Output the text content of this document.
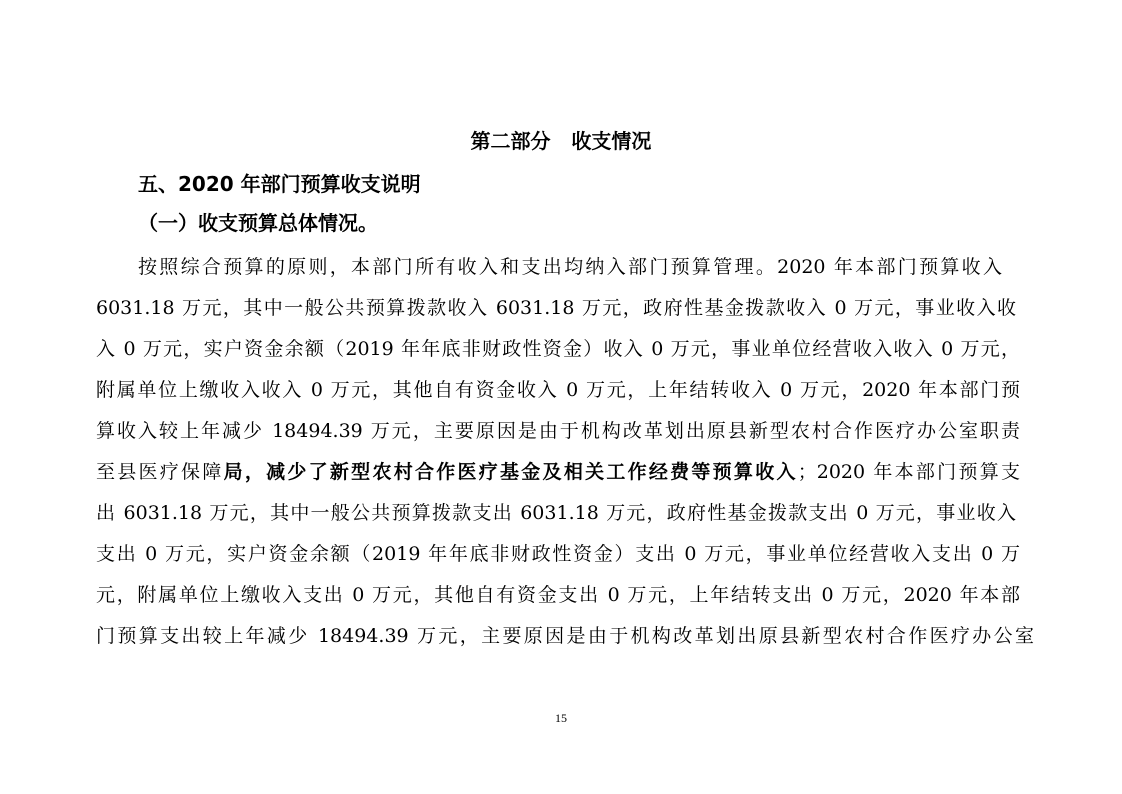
第二部分   收支情况
五、2020 年部门预算收支说明
（一）收支预算总体情况。
按照综合预算的原则，本部门所有收入和支出均纳入部门预算管理。2020 年本部门预算收入
6031.18 万元，其中一般公共预算拨款收入 6031.18 万元，政府性基金拨款收入 0 万元，事业收入收
入 0 万元，实户资金余额（2019 年年底非财政性资金）收入 0 万元，事业单位经营收入收入 0 万元，
附属单位上缴收入收入 0 万元，其他自有资金收入 0 万元，上年结转收入 0 万元，2020 年本部门预
算收入较上年减少 18494.39 万元，主要原因是由于机构改革划出原县新型农村合作医疗办公室职责
至县医疗保障局，减少了新型农村合作医疗基金及相关工作经费等预算收入；2020 年本部门预算支
出 6031.18 万元，其中一般公共预算拨款支出 6031.18 万元，政府性基金拨款支出 0 万元，事业收入
支出 0 万元，实户资金余额（2019 年年底非财政性资金）支出 0 万元，事业单位经营收入支出 0 万
元，附属单位上缴收入支出 0 万元，其他自有资金支出 0 万元，上年结转支出 0 万元，2020 年本部
门预算支出较上年减少 18494.39 万元，主要原因是由于机构改革划出原县新型农村合作医疗办公室
15
